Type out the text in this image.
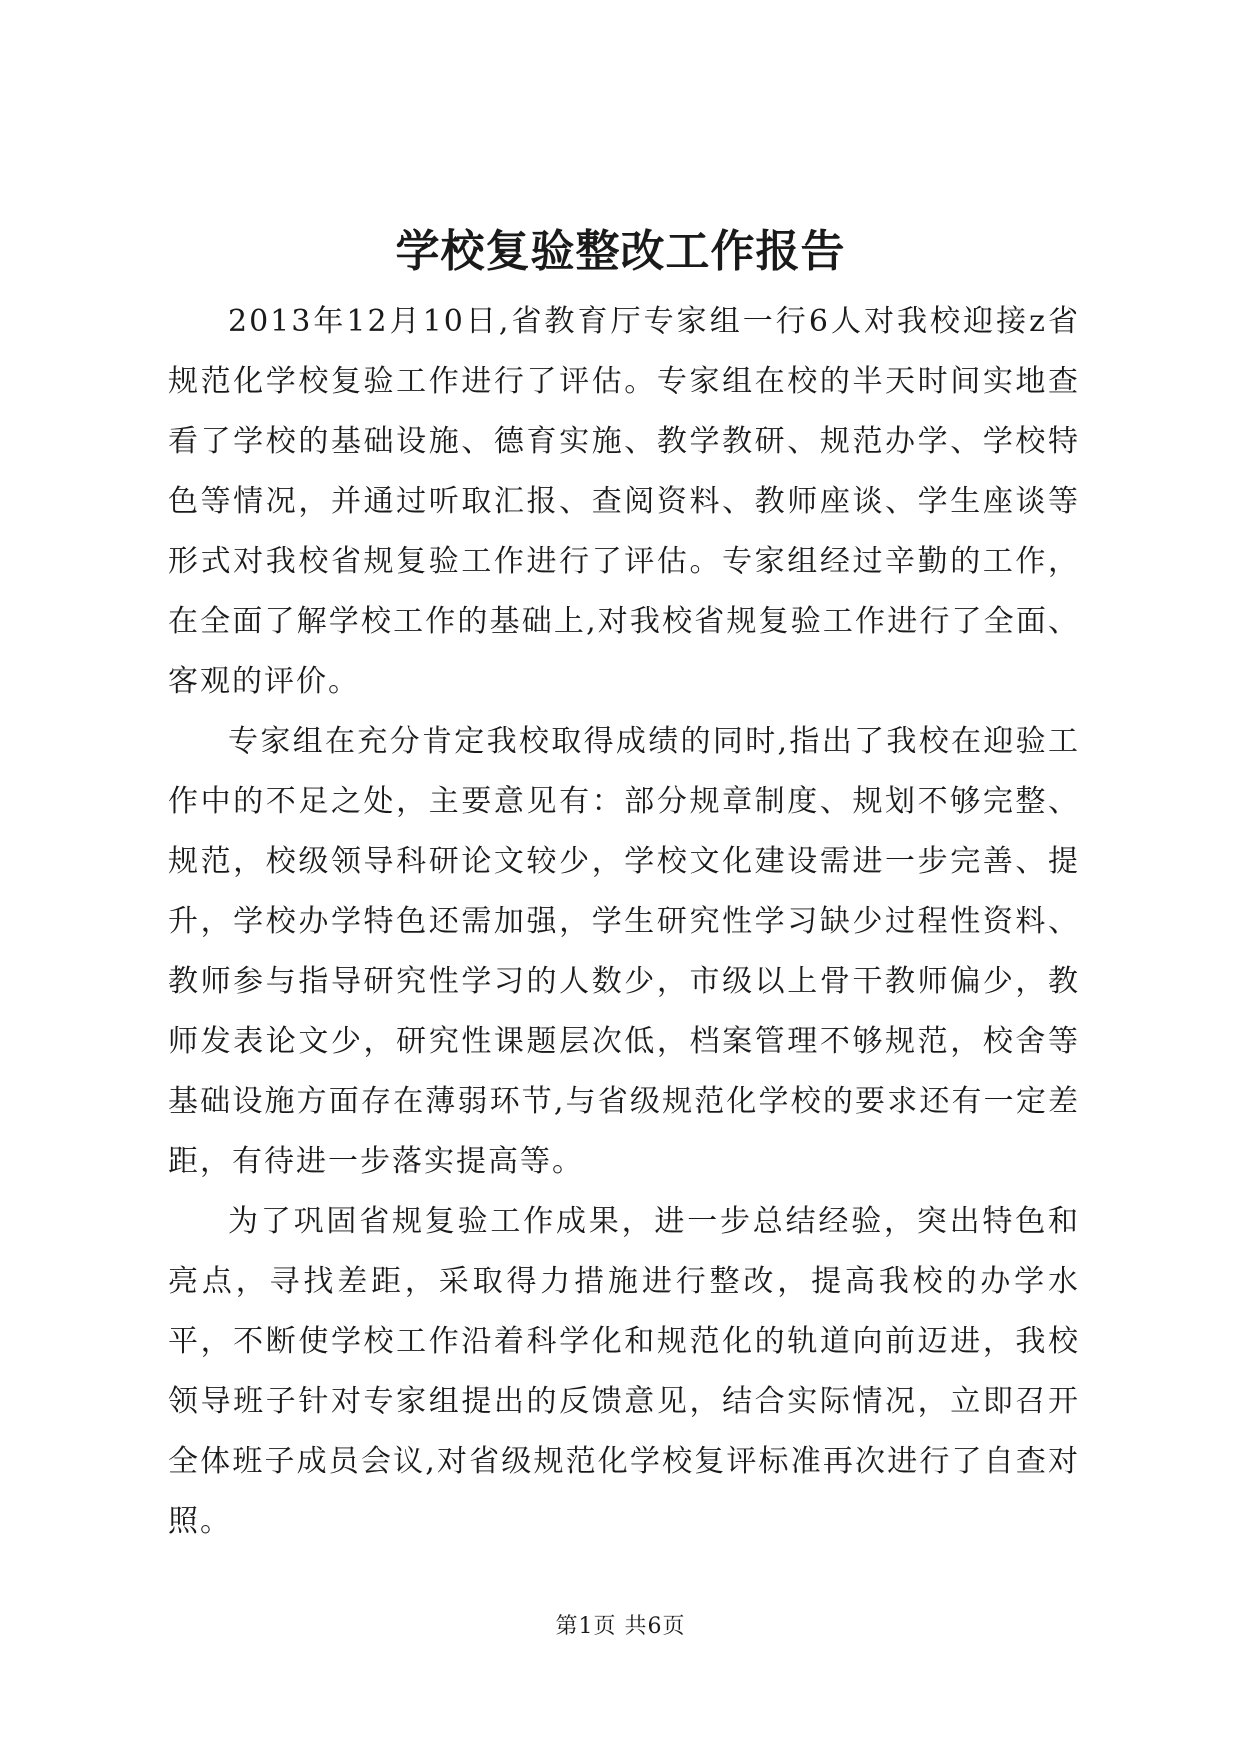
学校复验整改工作报告

2013年12月10日,省教育厅专家组一行6人对我校迎接z省规范化学校复验工作进行了评估。专家组在校的半天时间实地查看了学校的基础设施、德育实施、教学教研、规范办学、学校特色等情况，并通过听取汇报、查阅资料、教师座谈、学生座谈等形式对我校省规复验工作进行了评估。专家组经过辛勤的工作，在全面了解学校工作的基础上,对我校省规复验工作进行了全面、客观的评价。

专家组在充分肯定我校取得成绩的同时,指出了我校在迎验工作中的不足之处，主要意见有：部分规章制度、规划不够完整、规范，校级领导科研论文较少，学校文化建设需进一步完善、提升，学校办学特色还需加强，学生研究性学习缺少过程性资料、教师参与指导研究性学习的人数少，市级以上骨干教师偏少，教师发表论文少，研究性课题层次低，档案管理不够规范，校舍等基础设施方面存在薄弱环节,与省级规范化学校的要求还有一定差距，有待进一步落实提高等。

为了巩固省规复验工作成果，进一步总结经验，突出特色和亮点，寻找差距，采取得力措施进行整改，提高我校的办学水平，不断使学校工作沿着科学化和规范化的轨道向前迈进，我校领导班子针对专家组提出的反馈意见，结合实际情况，立即召开全体班子成员会议,对省级规范化学校复评标准再次进行了自查对照。

第1页 共6页
